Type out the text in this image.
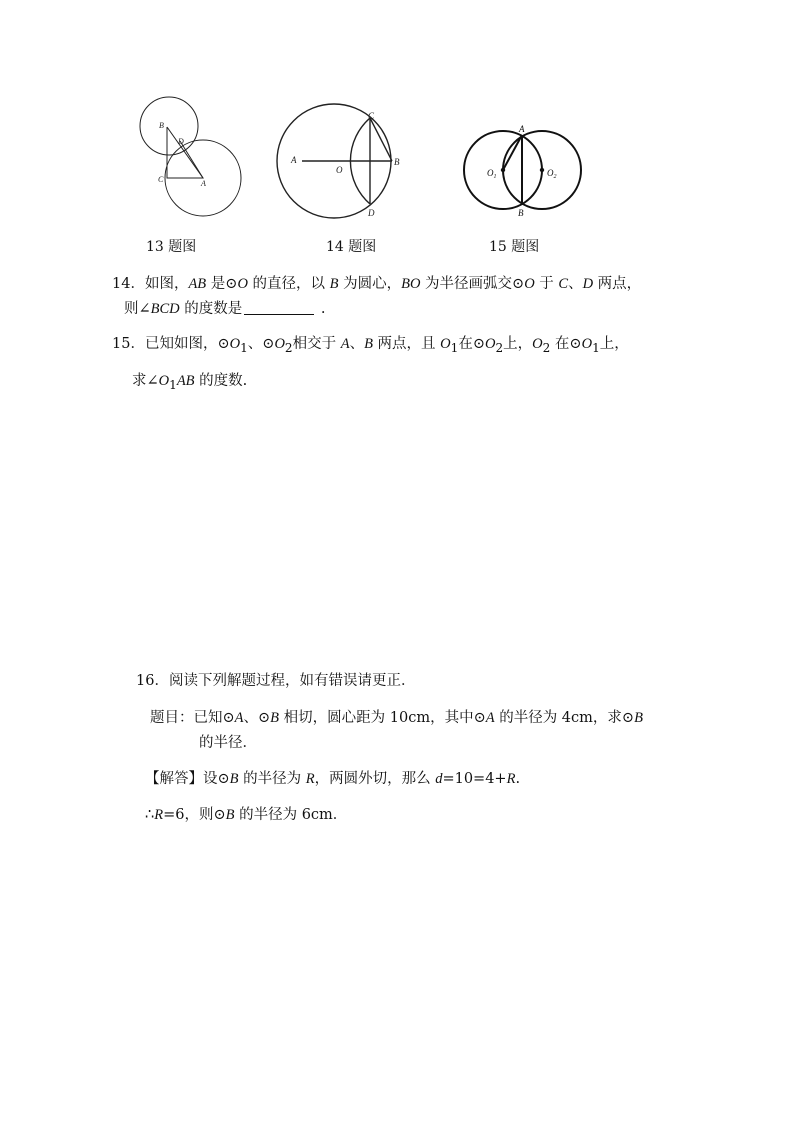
B
D
C	A
A
O
B
C
D
A
B
$O_1$	$O_2$
13 题图	14 题图	15 题图
14．如图，AB 是⊙O 的直径，以 B 为圆心，BO 为半径画弧交⊙O 于 C、D 两点，
则∠BCD 的度数是	.
15．已知如图，$⊙O_1$、$⊙O_2$相交于 A、B 两点，且 $O_1$在$⊙O_2$上，$O_2$ 在$⊙O_1$上，
求$\angle O_1AB$ 的度数.
16．阅读下列解题过程，如有错误请更正．
题目：已知⊙A、⊙B 相切，圆心距为 10cm，其中⊙A 的半径为 4cm，求⊙B
的半径．
【解答】设⊙B 的半径为 R，两圆外切，那么 d=10=4+R.
∴R=6，则⊙B 的半径为 6cm．
